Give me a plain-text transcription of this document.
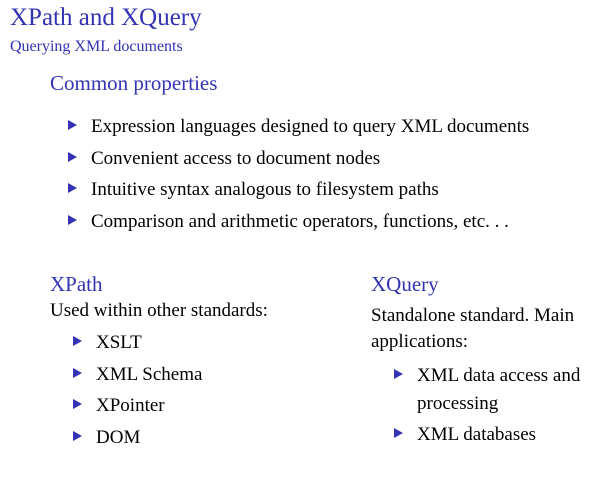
XPath and XQuery
Querying XML documents
Common properties
Expression languages designed to query XML documents
Convenient access to document nodes
Intuitive syntax analogous to filesystem paths
Comparison and arithmetic operators, functions, etc. . .
XPath
Used within other standards:
XSLT
XML Schema
XPointer
DOM
XQuery
Standalone standard. Main
applications:
XML data access and processing
XML databases
